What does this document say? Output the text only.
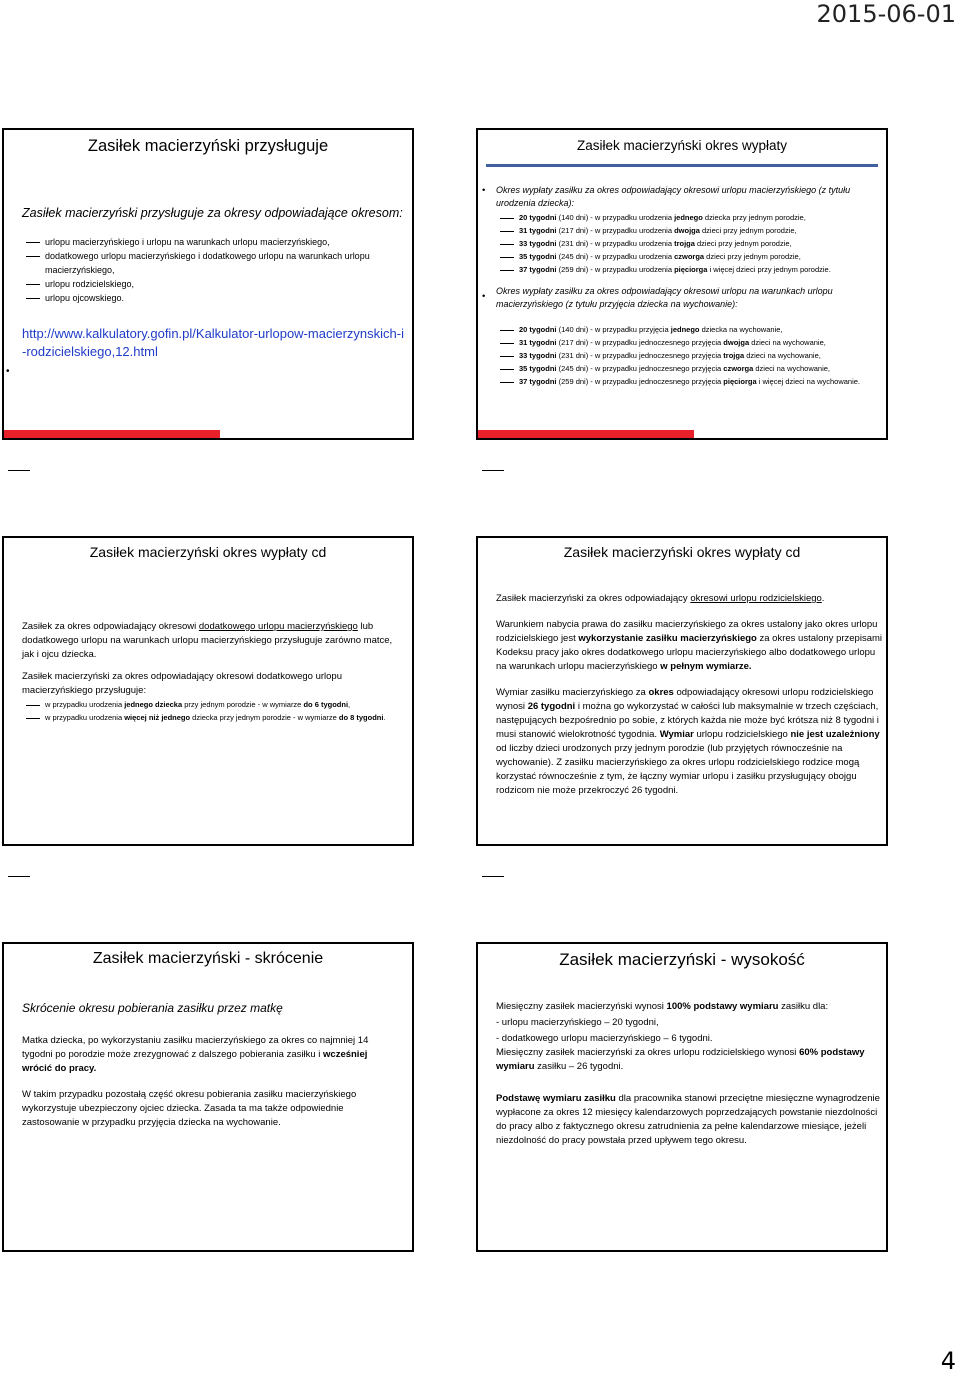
2015-06-01
Zasiłek macierzyński przysługuje

Zasiłek macierzyński przysługuje za okresy odpowiadające okresom:

urlopu macierzyńskiego i urlopu na warunkach urlopu macierzyńskiego,
dodatkowego urlopu macierzyńskiego i dodatkowego urlopu na warunkach urlopu macierzyńskiego,
urlopu rodzicielskiego,
urlopu ojcowskiego.

http://www.kalkulatory.gofin.pl/Kalkulator-urlopow-macierzynskich-i-rodzicielskiego,12.html

•
Zasiłek macierzyński okres wypłaty
• Okres wypłaty zasiłku za okres odpowiadający okresowi urlopu macierzyńskiego (z tytułu urodzenia dziecka):

20 tygodni (140 dni) - w przypadku urodzenia jednego dziecka przy jednym porodzie,
31 tygodni (217 dni) - w przypadku urodzenia dwojga dzieci przy jednym porodzie,
33 tygodni (231 dni) - w przypadku urodzenia trojga dzieci przy jednym porodzie,
35 tygodni (245 dni) - w przypadku urodzenia czworga dzieci przy jednym porodzie,
37 tygodni (259 dni) - w przypadku urodzenia pięciorga i więcej dzieci przy jednym porodzie.
• Okres wypłaty zasiłku za okres odpowiadający okresowi urlopu na warunkach urlopu macierzyńskiego (z tytułu przyjęcia dziecka na wychowanie):

20 tygodni (140 dni) - w przypadku przyjęcia jednego dziecka na wychowanie,
31 tygodni (217 dni) - w przypadku jednoczesnego przyjęcia dwojga dzieci na wychowanie,
33 tygodni (231 dni) - w przypadku jednoczesnego przyjęcia trojga dzieci na wychowanie,
35 tygodni (245 dni) - w przypadku jednoczesnego przyjęcia czworga dzieci na wychowanie,
37 tygodni (259 dni) - w przypadku jednoczesnego przyjęcia pięciorga i więcej dzieci na wychowanie.
Zasiłek macierzyński okres wypłaty cd

Zasiłek za okres odpowiadający okresowi dodatkowego urlopu macierzyńskiego lub dodatkowego urlopu na warunkach urlopu macierzyńskiego przysługuje zarówno matce, jak i ojcu dziecka.

Zasiłek macierzyński za okres odpowiadający okresowi dodatkowego urlopu macierzyńskiego przysługuje:

w przypadku urodzenia jednego dziecka przy jednym porodzie - w wymiarze do 6 tygodni,
w przypadku urodzenia więcej niż jednego dziecka przy jednym porodzie - w wymiarze do 8 tygodni.
Zasiłek macierzyński okres wypłaty cd

Zasiłek macierzyński za okres odpowiadający okresowi urlopu rodzicielskiego.

Warunkiem nabycia prawa do zasiłku macierzyńskiego za okres ustalony jako okres urlopu rodzicielskiego jest wykorzystanie zasiłku macierzyńskiego za okres ustalony przepisami Kodeksu pracy jako okres dodatkowego urlopu macierzyńskiego albo dodatkowego urlopu na warunkach urlopu macierzyńskiego w pełnym wymiarze.

Wymiar zasiłku macierzyńskiego za okres odpowiadający okresowi urlopu rodzicielskiego wynosi 26 tygodni i można go wykorzystać w całości lub maksymalnie w trzech częściach, następujących bezpośrednio po sobie, z których każda nie może być krótsza niż 8 tygodni i musi stanowić wielokrotność tygodnia. Wymiar urlopu rodzicielskiego nie jest uzależniony od liczby dzieci urodzonych przy jednym porodzie (lub przyjętych równocześnie na wychowanie). Z zasiłku macierzyńskiego za okres urlopu rodzicielskiego rodzice mogą korzystać równocześnie z tym, że łączny wymiar urlopu i zasiłku przysługujący obojgu rodzicom nie może przekroczyć 26 tygodni.

Zasiłek macierzyński - skrócenie

Skrócenie okresu pobierania zasiłku przez matkę

Matka dziecka, po wykorzystaniu zasiłku macierzyńskiego za okres co najmniej 14 tygodni po porodzie może zrezygnować z dalszego pobierania zasiłku i wcześniej wrócić do pracy.

W takim przypadku pozostałą część okresu pobierania zasiłku macierzyńskiego wykorzystuje ubezpieczony ojciec dziecka. Zasada ta ma także odpowiednie zastosowanie w przypadku przyjęcia dziecka na wychowanie.

Zasiłek macierzyński - wysokość

Miesięczny zasiłek macierzyński wynosi 100% podstawy wymiaru zasiłku dla:

- urlopu macierzyńskiego – 20 tygodni,

- dodatkowego urlopu macierzyńskiego – 6 tygodni.

Miesięczny zasiłek macierzyński za okres urlopu rodzicielskiego wynosi 60% podstawy wymiaru zasiłku – 26 tygodni.

Podstawę wymiaru zasiłku dla pracownika stanowi przeciętne miesięczne wynagrodzenie wypłacone za okres 12 miesięcy kalendarzowych poprzedzających powstanie niezdolności do pracy albo z faktycznego okresu zatrudnienia za pełne kalendarzowe miesiące, jeżeli niezdolność do pracy powstała przed upływem tego okresu.

4
